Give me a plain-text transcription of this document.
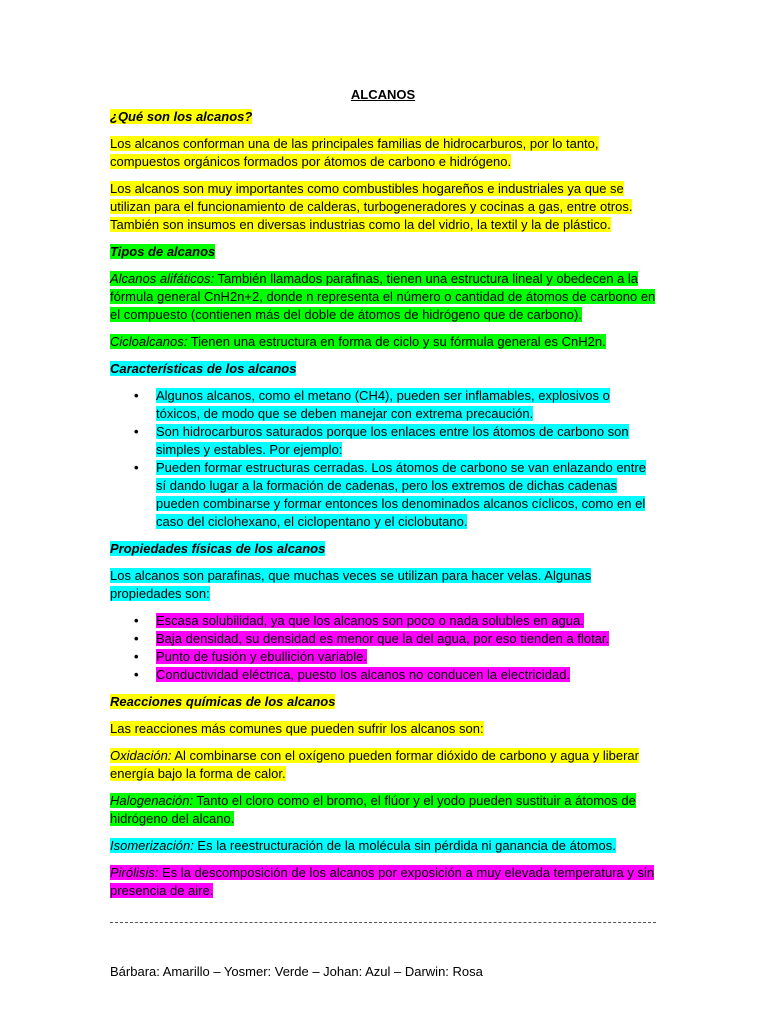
ALCANOS
¿Qué son los alcanos?

Los alcanos conforman una de las principales familias de hidrocarburos, por lo tanto, compuestos orgánicos formados por átomos de carbono e hidrógeno.

Los alcanos son muy importantes como combustibles hogareños e industriales ya que se utilizan para el funcionamiento de calderas, turbogeneradores y cocinas a gas, entre otros. También son insumos en diversas industrias como la del vidrio, la textil y la de plástico.

Tipos de alcanos

Alcanos alifáticos: También llamados parafinas, tienen una estructura lineal y obedecen a la fórmula general CnH2n+2, donde n representa el número o cantidad de átomos de carbono en el compuesto (contienen más del doble de átomos de hidrógeno que de carbono).

Cicloalcanos: Tienen una estructura en forma de ciclo y su fórmula general es CnH2n.

Características de los alcanos
• Algunos alcanos, como el metano (CH4), pueden ser inflamables, explosivos o tóxicos, de modo que se deben manejar con extrema precaución.
• Son hidrocarburos saturados porque los enlaces entre los átomos de carbono son simples y estables. Por ejemplo:
• Pueden formar estructuras cerradas. Los átomos de carbono se van enlazando entre sí dando lugar a la formación de cadenas, pero los extremos de dichas cadenas pueden combinarse y formar entonces los denominados alcanos cíclicos, como en el caso del ciclohexano, el ciclopentano y el ciclobutano.
Propiedades físicas de los alcanos

Los alcanos son parafinas, que muchas veces se utilizan para hacer velas. Algunas propiedades son:

• Escasa solubilidad, ya que los alcanos son poco o nada solubles en agua.
• Baja densidad, su densidad es menor que la del agua, por eso tienden a flotar.
• Punto de fusión y ebullición variable.
• Conductividad eléctrica, puesto los alcanos no conducen la electricidad.
Reacciones químicas de los alcanos

Las reacciones más comunes que pueden sufrir los alcanos son:

Oxidación: Al combinarse con el oxígeno pueden formar dióxido de carbono y agua y liberar energía bajo la forma de calor.

Halogenación: Tanto el cloro como el bromo, el flúor y el yodo pueden sustituir a átomos de hidrógeno del alcano.

Isomerización: Es la reestructuración de la molécula sin pérdida ni ganancia de átomos.

Pirólisis: Es la descomposición de los alcanos por exposición a muy elevada temperatura y sin presencia de aire.

Bárbara: Amarillo – Yosmer: Verde – Johan: Azul – Darwin: Rosa
